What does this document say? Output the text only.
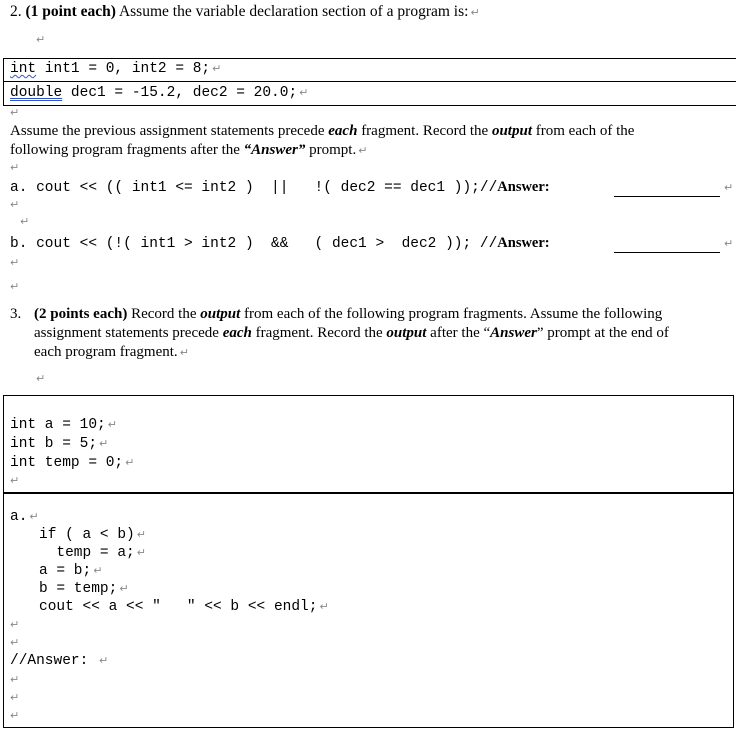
2. (1 point each) Assume the variable declaration section of a program is: ↵
↵
int int1 = 0, int2 = 8; ↵
double dec1 = -15.2, dec2 = 20.0; ↵
↵
Assume the previous assignment statements precede each fragment. Record the output from each of the
following program fragments after the “Answer” prompt. ↵
↵
a. cout << (( int1 <= int2 )  ||   !( dec2 == dec1 ));//Answer:	↵
↵
↵
b. cout << (!( int1 > int2 )  &&   ( dec1 >  dec2 )); //Answer:	↵
↵
↵
3. (2 points each) Record the output from each of the following program fragments. Assume the following
assignment statements precede each fragment. Record the output after the “Answer” prompt at the end of
each program fragment. ↵
↵
int a = 10; ↵
int b = 5; ↵
int temp = 0; ↵
↵
a. ↵
if ( a < b) ↵
temp = a; ↵
a = b; ↵
b = temp; ↵
cout << a << "   " << b << endl; ↵
↵
↵
//Answer: ↵
↵
↵
↵
